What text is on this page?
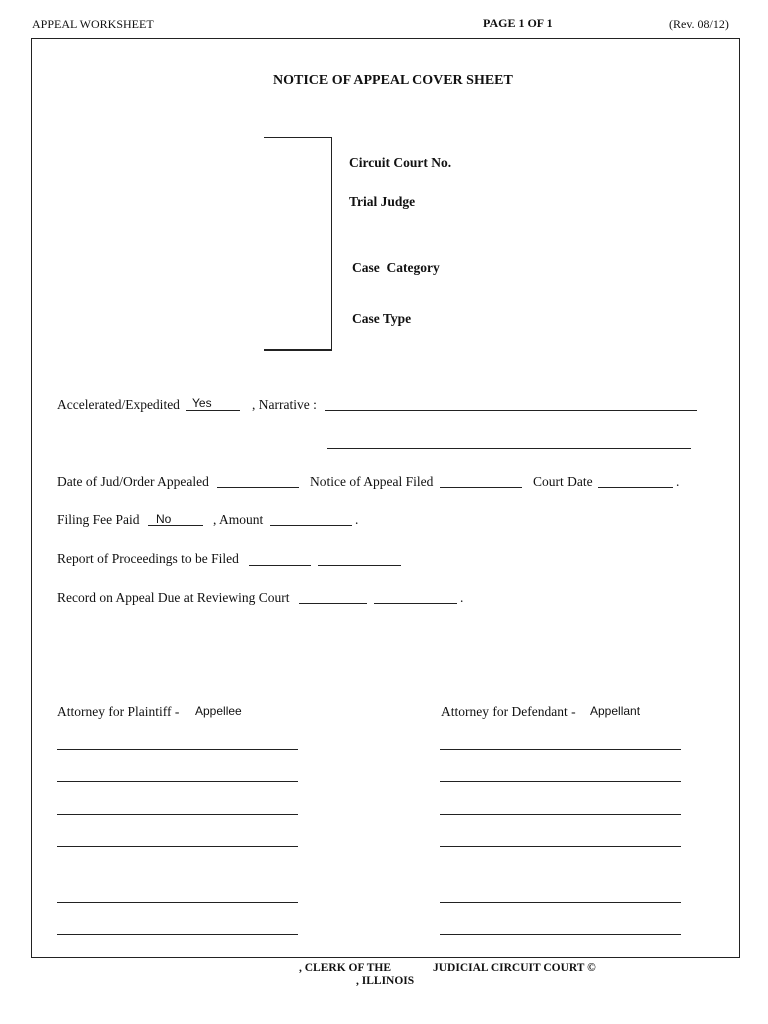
APPEAL WORKSHEET	PAGE 1 OF 1	(Rev. 08/12)
NOTICE OF APPEAL COVER SHEET
Circuit Court No.
Trial Judge
Case  Category
Case Type
Accelerated/Expedited Yes	, Narrative :
Date of Jud/Order Appealed	Notice of Appeal Filed	Court Date	.
Filing Fee Paid No	, Amount	.
Report of Proceedings to be Filed
Record on Appeal Due at Reviewing Court	.
Attorney for Plaintiff - Appellee	Attorney for Defendant - Appellant
, CLERK OF THE	JUDICIAL CIRCUIT COURT ©
, ILLINOIS
